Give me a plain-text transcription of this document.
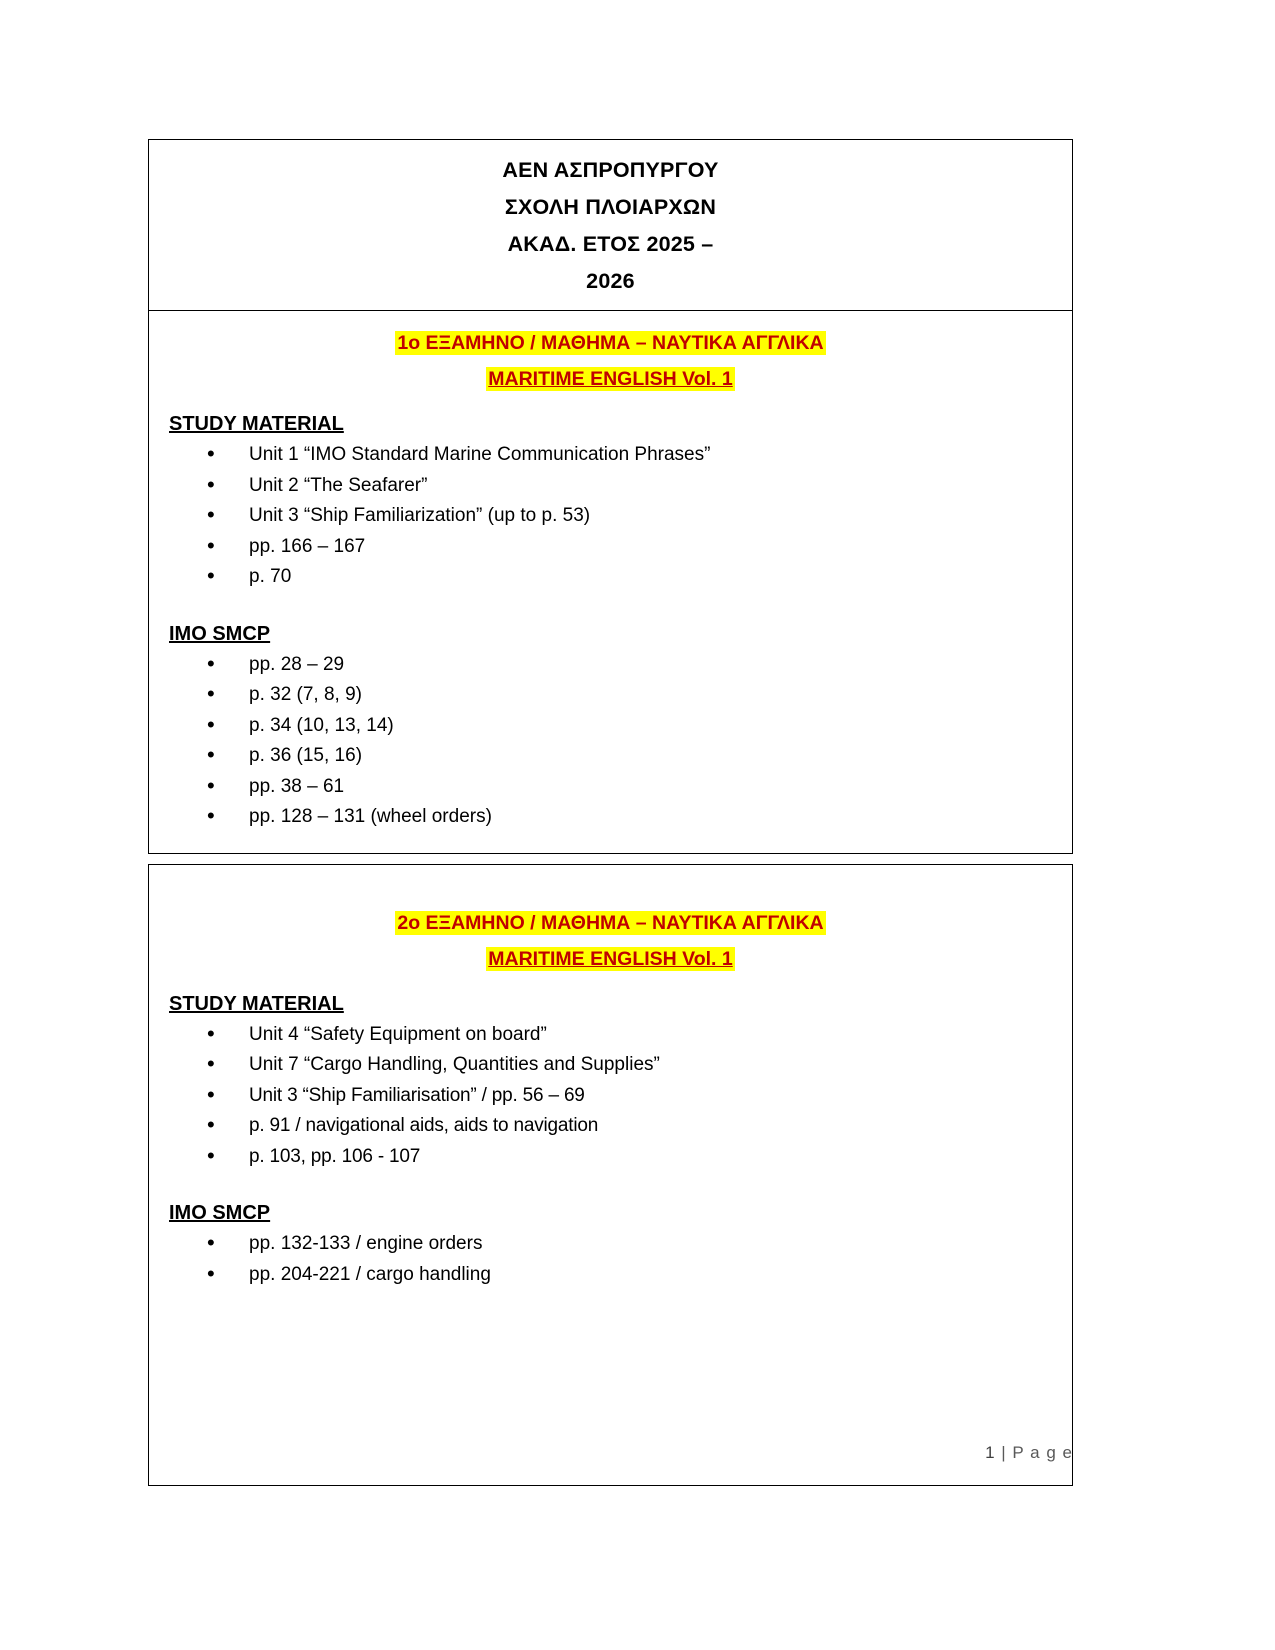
ΑΕΝ ΑΣΠΡΟΠΥΡΓΟΥ
ΣΧΟΛΗ ΠΛΟΙΑΡΧΩΝ
ΑΚΑΔ. ΕΤΟΣ 2025 –
2026
1ο ΕΞΑΜΗΝΟ / ΜΑΘΗΜΑ – ΝΑΥΤΙΚΑ ΑΓΓΛΙΚΑ
MARITIME ENGLISH Vol. 1
STUDY MATERIAL
• Unit 1 “IMO Standard Marine Communication Phrases”
• Unit 2 “The Seafarer”
• Unit 3 “Ship Familiarization” (up to p. 53)
• pp. 166 – 167
• p. 70
IMO SMCP
• pp. 28 – 29
• p. 32 (7, 8, 9)
• p. 34 (10, 13, 14)
• p. 36 (15, 16)
• pp. 38 – 61
• pp. 128 – 131 (wheel orders)
2ο ΕΞΑΜΗΝΟ / ΜΑΘΗΜΑ – ΝΑΥΤΙΚΑ ΑΓΓΛΙΚΑ
MARITIME ENGLISH Vol. 1
STUDY MATERIAL
• Unit 4 “Safety Equipment on board”
• Unit 7 “Cargo Handling, Quantities and Supplies”
• Unit 3 “Ship Familiarisation” / pp. 56 – 69
• p. 91 / navigational aids, aids to navigation
• p. 103, pp. 106 - 107
IMO SMCP
• pp. 132-133 / engine orders
• pp. 204-221 / cargo handling
1 | P a g e
